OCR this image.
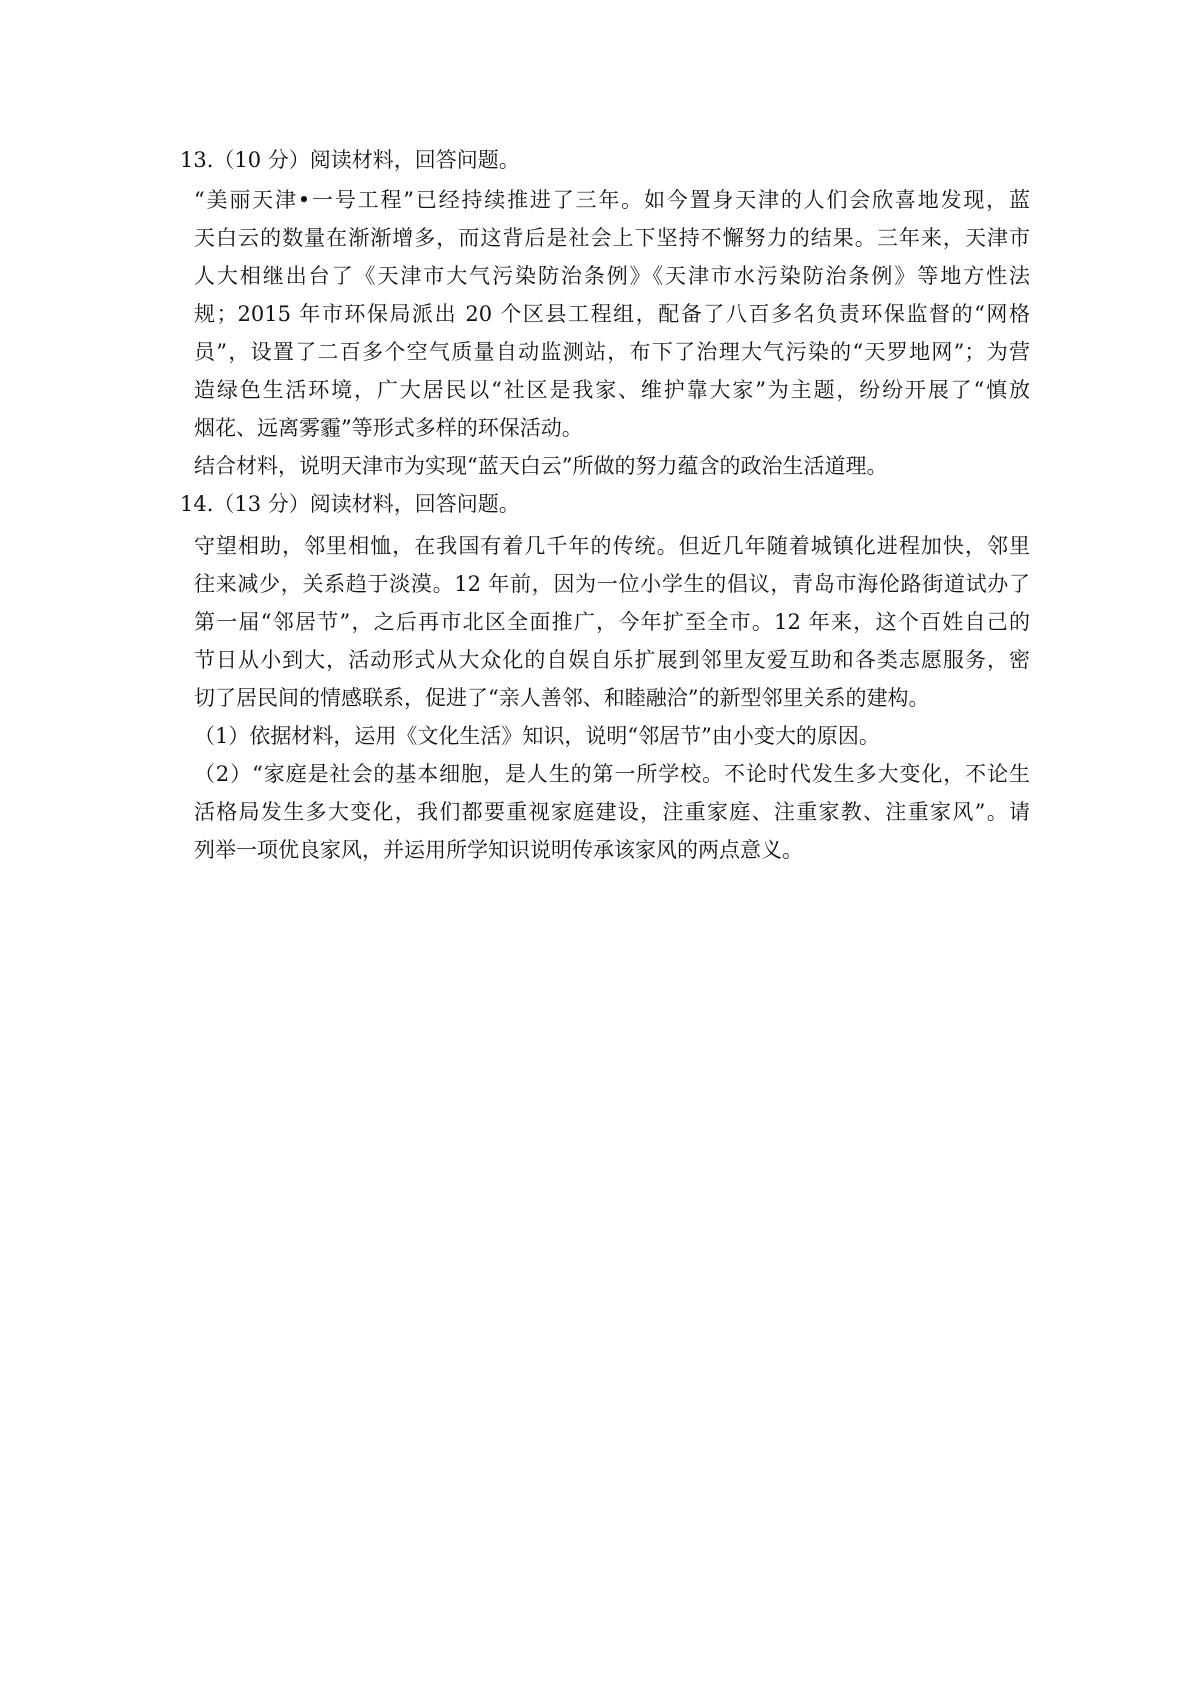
13.（10 分）阅读材料，回答问题。
“美丽天津•一号工程”已经持续推进了三年。如今置身天津的人们会欣喜地发现，蓝
天白云的数量在渐渐增多，而这背后是社会上下坚持不懈努力的结果。三年来，天津市
人大相继出台了《天津市大气污染防治条例》《天津市水污染防治条例》等地方性法
规；2015 年市环保局派出 20 个区县工程组，配备了八百多名负责环保监督的“网格
员”，设置了二百多个空气质量自动监测站，布下了治理大气污染的“天罗地网”；为营
造绿色生活环境，广大居民以“社区是我家、维护靠大家”为主题，纷纷开展了“慎放
烟花、远离雾霾”等形式多样的环保活动。
结合材料，说明天津市为实现“蓝天白云”所做的努力蕴含的政治生活道理。
14.（13 分）阅读材料，回答问题。
守望相助，邻里相恤，在我国有着几千年的传统。但近几年随着城镇化进程加快，邻里
往来减少，关系趋于淡漠。12 年前，因为一位小学生的倡议，青岛市海伦路街道试办了
第一届“邻居节”，之后再市北区全面推广，今年扩至全市。12 年来，这个百姓自己的
节日从小到大，活动形式从大众化的自娱自乐扩展到邻里友爱互助和各类志愿服务，密
切了居民间的情感联系，促进了“亲人善邻、和睦融洽”的新型邻里关系的建构。
（1）依据材料，运用《文化生活》知识，说明“邻居节”由小变大的原因。
（2）“家庭是社会的基本细胞，是人生的第一所学校。不论时代发生多大变化，不论生
活格局发生多大变化，我们都要重视家庭建设，注重家庭、注重家教、注重家风”。请
列举一项优良家风，并运用所学知识说明传承该家风的两点意义。
